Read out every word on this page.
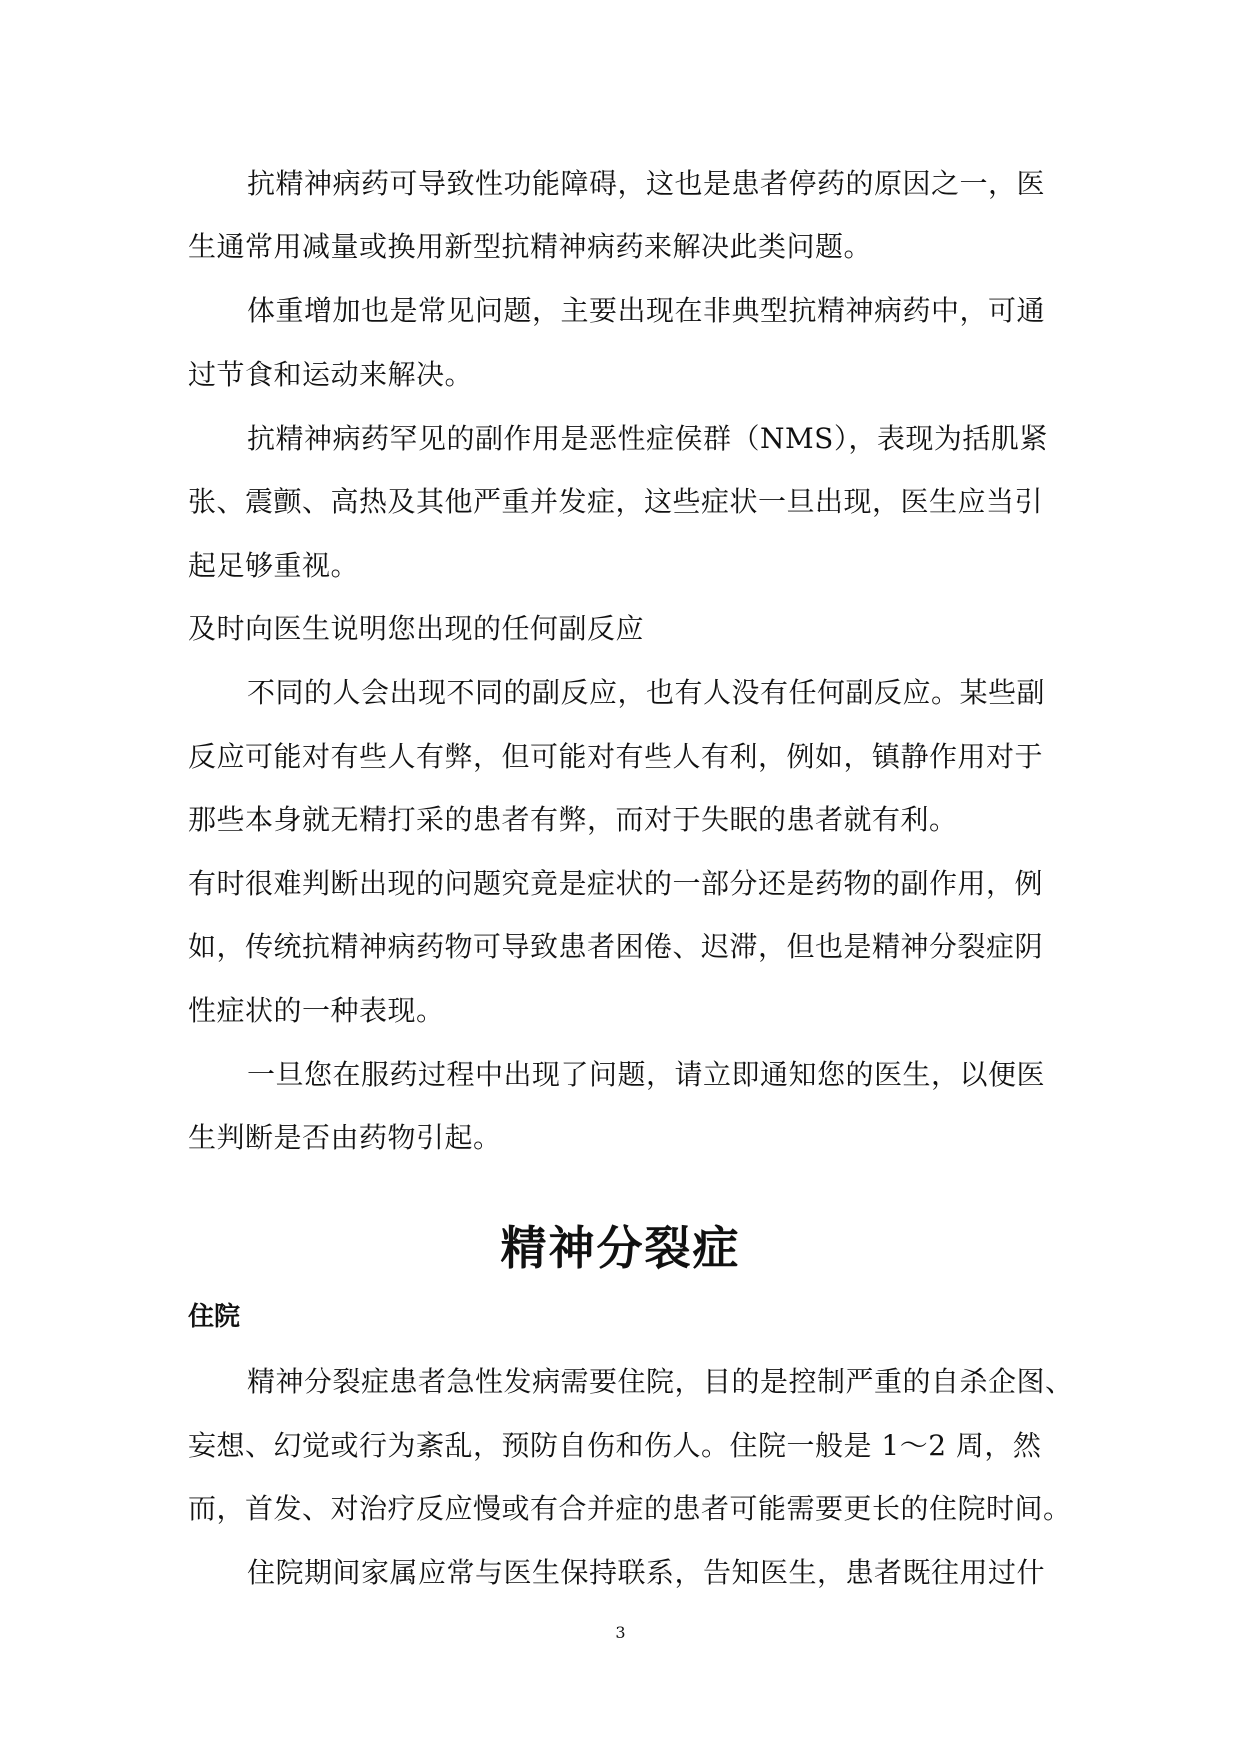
抗精神病药可导致性功能障碍，这也是患者停药的原因之一，医
生通常用减量或换用新型抗精神病药来解决此类问题。
体重增加也是常见问题，主要出现在非典型抗精神病药中，可通
过节食和运动来解决。
抗精神病药罕见的副作用是恶性症侯群（NMS），表现为括肌紧
张、震颤、高热及其他严重并发症，这些症状一旦出现，医生应当引
起足够重视。
及时向医生说明您出现的任何副反应
不同的人会出现不同的副反应，也有人没有任何副反应。某些副
反应可能对有些人有弊，但可能对有些人有利，例如，镇静作用对于
那些本身就无精打采的患者有弊，而对于失眠的患者就有利。
有时很难判断出现的问题究竟是症状的一部分还是药物的副作用，例
如，传统抗精神病药物可导致患者困倦、迟滞，但也是精神分裂症阴
性症状的一种表现。
一旦您在服药过程中出现了问题，请立即通知您的医生，以便医
生判断是否由药物引起。
精神分裂症
住院
精神分裂症患者急性发病需要住院，目的是控制严重的自杀企图、
妄想、幻觉或行为紊乱，预防自伤和伤人。住院一般是 1～2 周，然
而，首发、对治疗反应慢或有合并症的患者可能需要更长的住院时间。
住院期间家属应常与医生保持联系，告知医生，患者既往用过什
3
